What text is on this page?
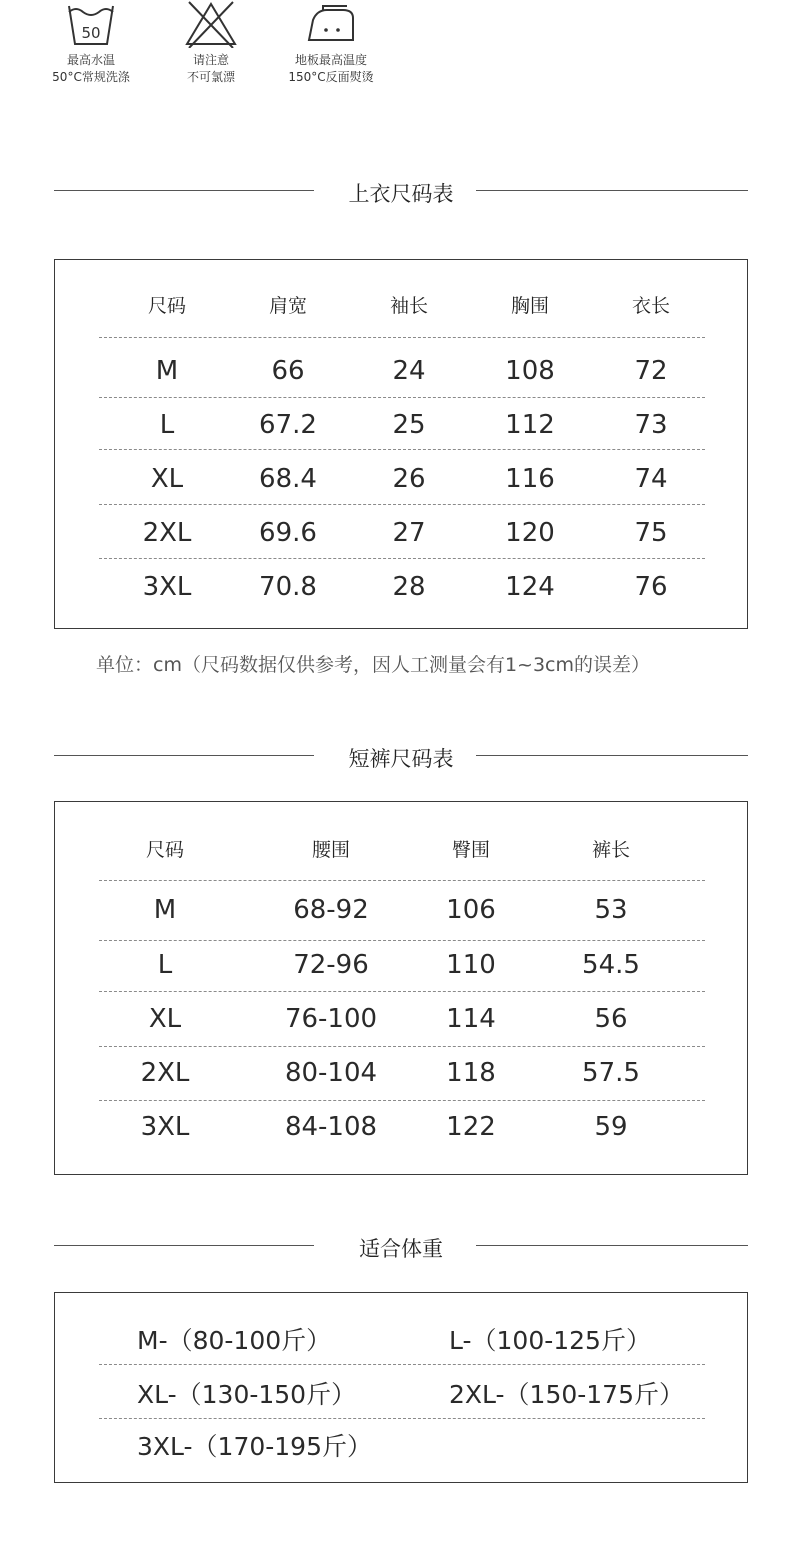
50
最高水温
50°C常规洗涤
请注意
不可氯漂
地板最高温度
150°C反面熨烫
上衣尺码表
尺码	肩宽	袖长	胸围	衣长
M	66	24	108	72
L	67.2	25	112	73
XL	68.4	26	116	74
2XL	69.6	27	120	75
3XL	70.8	28	124	76
单位：cm（尺码数据仅供参考，因人工测量会有1~3cm的误差）
短裤尺码表
尺码	腰围	臀围	裤长
M	68-92	106	53
L	72-96	110	54.5
XL	76-100	114	56
2XL	80-104	118	57.5
3XL	84-108	122	59
适合体重
M-（80-100斤）	L-（100-125斤）
XL-（130-150斤）	2XL-（150-175斤）
3XL-（170-195斤）
